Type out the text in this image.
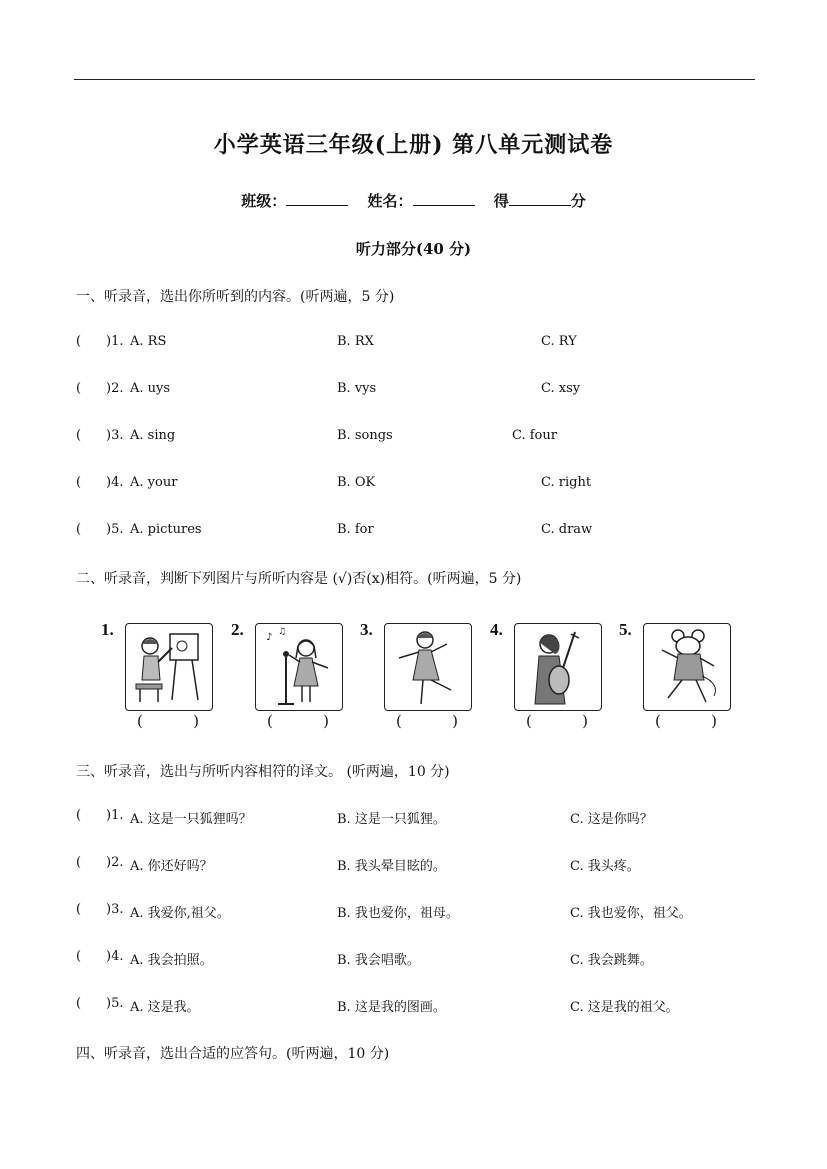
小学英语三年级(上册) 第八单元测试卷
班级：	姓名：	得	分
听力部分(40 分)
一、听录音，选出你所听到的内容。(听两遍，5 分)
( )1. A. RS	B. RX	C. RY
( )2. A. uys	B. vys	C. xsy
( )3. A. sing	B. songs	C. four
( )4. A. your	B. OK	C. right
( )5. A. pictures	B. for	C. draw
二、听录音，判断下列图片与所听内容是 (√)否(x)相符。(听两遍，5 分)
1.
(	)
2. ♪ ♫
(	)
3.
(	)
4.
(	)
5.
(	)
三、听录音，选出与所听内容相符的译文。 (听两遍，10 分)
( )1. A. 这是一只狐狸吗？	B. 这是一只狐狸。	C. 这是你吗？
( )2. A. 你还好吗？	B. 我头晕目眩的。	C. 我头疼。
( )3. A. 我爱你,祖父。	B. 我也爱你，祖母。	C. 我也爱你，祖父。
( )4. A. 我会拍照。	B. 我会唱歌。	C. 我会跳舞。
( )5. A. 这是我。	B. 这是我的图画。	C. 这是我的祖父。
四、听录音，选出合适的应答句。(听两遍，10 分)
